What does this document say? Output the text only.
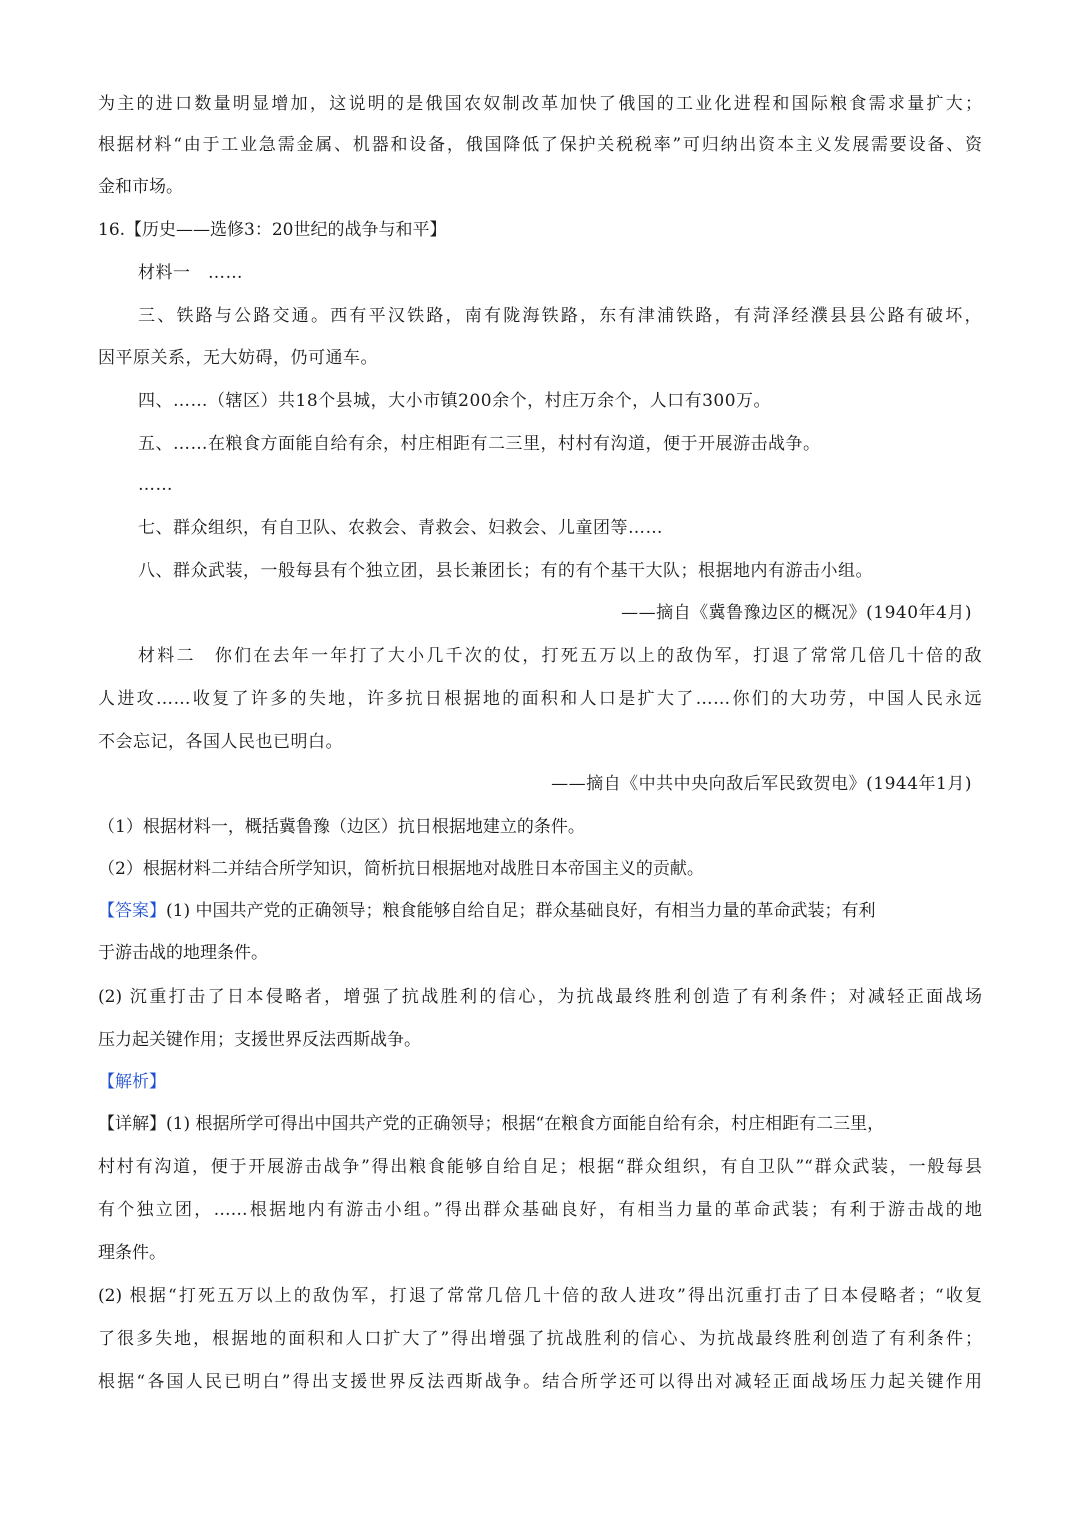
为主的进口数量明显增加，这说明的是俄国农奴制改革加快了俄国的工业化进程和国际粮食需求量扩大；
根据材料“由于工业急需金属、机器和设备，俄国降低了保护关税税率”可归纳出资本主义发展需要设备、资
金和市场。
16.【历史——选修3：20世纪的战争与和平】
材料一　……
三、铁路与公路交通。西有平汉铁路，南有陇海铁路，东有津浦铁路，有菏泽经濮县县公路有破坏，
因平原关系，无大妨碍，仍可通车。
四、……（辖区）共18个县城，大小市镇200余个，村庄万余个，人口有300万。
五、……在粮食方面能自给有余，村庄相距有二三里，村村有沟道，便于开展游击战争。
……
七、群众组织，有自卫队、农救会、青救会、妇救会、儿童团等……
八、群众武装，一般每县有个独立团，县长兼团长；有的有个基干大队；根据地内有游击小组。
——摘自《冀鲁豫边区的概况》(1940年4月)
材料二　你们在去年一年打了大小几千次的仗，打死五万以上的敌伪军，打退了常常几倍几十倍的敌
人进攻……收复了许多的失地，许多抗日根据地的面积和人口是扩大了……你们的大功劳，中国人民永远
不会忘记，各国人民也已明白。
——摘自《中共中央向敌后军民致贺电》(1944年1月)
（1）根据材料一，概括冀鲁豫（边区）抗日根据地建立的条件。
（2）根据材料二并结合所学知识，简析抗日根据地对战胜日本帝国主义的贡献。
【答案】(1) 中国共产党的正确领导；粮食能够自给自足；群众基础良好，有相当力量的革命武装；有利
于游击战的地理条件。
(2) 沉重打击了日本侵略者，增强了抗战胜利的信心，为抗战最终胜利创造了有利条件；对减轻正面战场
压力起关键作用；支援世界反法西斯战争。
【解析】
【详解】(1) 根据所学可得出中国共产党的正确领导；根据“在粮食方面能自给有余，村庄相距有二三里，
村村有沟道，便于开展游击战争”得出粮食能够自给自足；根据“群众组织，有自卫队”“群众武装，一般每县
有个独立团，……根据地内有游击小组。”得出群众基础良好，有相当力量的革命武装；有利于游击战的地
理条件。
(2) 根据“打死五万以上的敌伪军，打退了常常几倍几十倍的敌人进攻”得出沉重打击了日本侵略者；“收复
了很多失地，根据地的面积和人口扩大了”得出增强了抗战胜利的信心、为抗战最终胜利创造了有利条件；
根据“各国人民已明白”得出支援世界反法西斯战争。结合所学还可以得出对减轻正面战场压力起关键作用
